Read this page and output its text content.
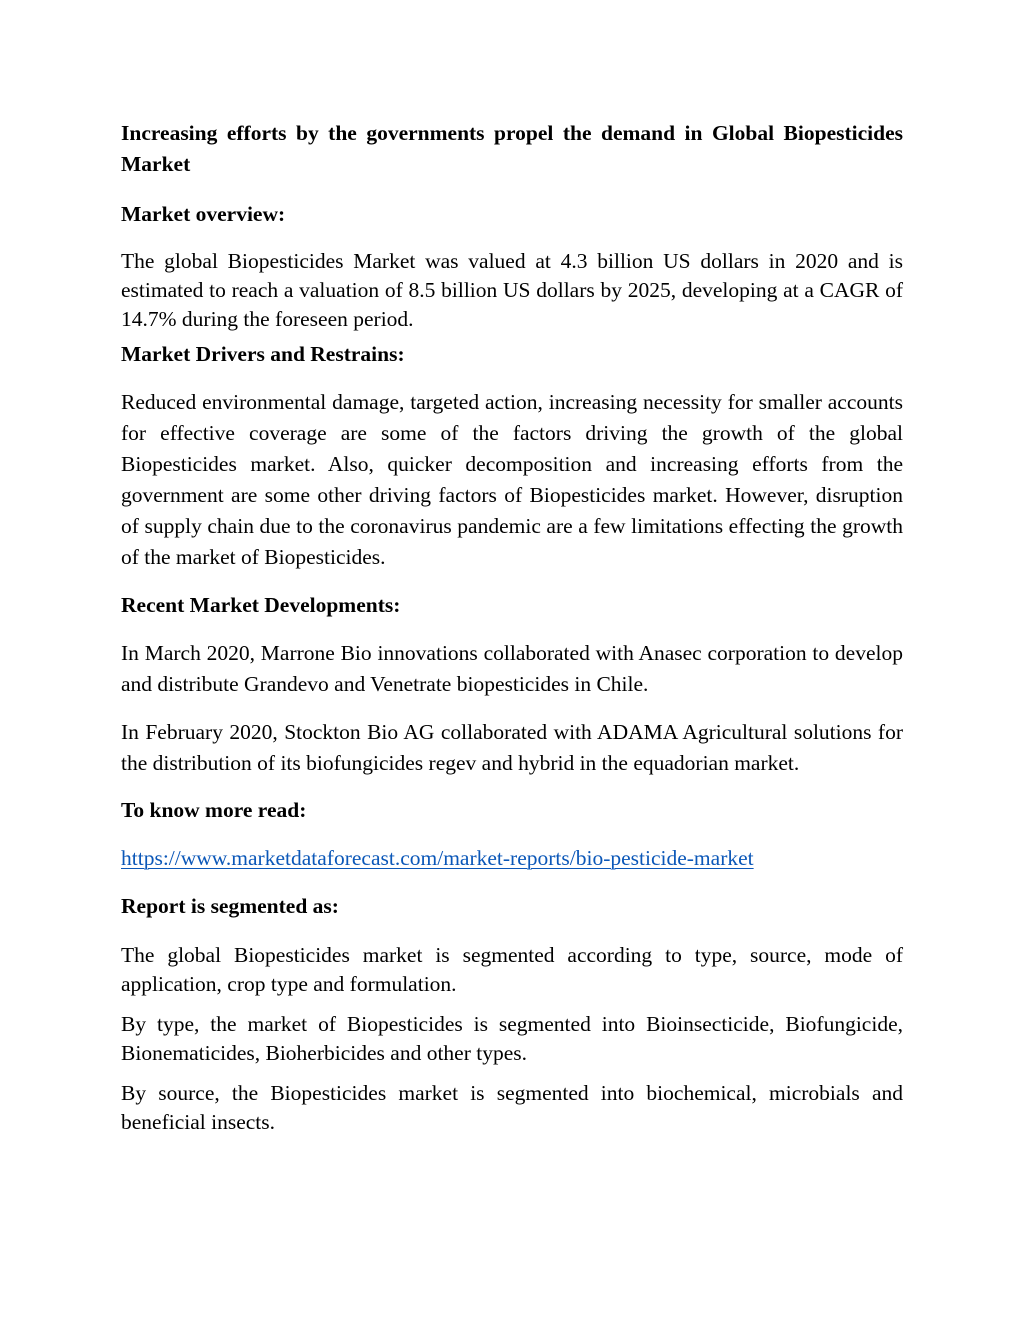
Increasing efforts by the governments propel the demand in Global Biopesticides Market

Market overview:

The global Biopesticides Market was valued at 4.3 billion US dollars in 2020 and is estimated to reach a valuation of 8.5 billion US dollars by 2025, developing at a CAGR of 14.7% during the foreseen period.

Market Drivers and Restrains:

Reduced environmental damage, targeted action, increasing necessity for smaller accounts for effective coverage are some of the factors driving the growth of the global Biopesticides market. Also, quicker decomposition and increasing efforts from the government are some other driving factors of Biopesticides market. However, disruption of supply chain due to the coronavirus pandemic are a few limitations effecting the growth of the market of Biopesticides.

Recent Market Developments:

In March 2020, Marrone Bio innovations collaborated with Anasec corporation to develop and distribute Grandevo and Venetrate biopesticides in Chile.

In February 2020, Stockton Bio AG collaborated with ADAMA Agricultural solutions for the distribution of its biofungicides regev and hybrid in the equadorian market.

To know more read:

https://www.marketdataforecast.com/market-reports/bio-pesticide-market

Report is segmented as:

The global Biopesticides market is segmented according to type, source, mode of application, crop type and formulation.

By type, the market of Biopesticides is segmented into Bioinsecticide, Biofungicide, Bionematicides, Bioherbicides and other types.

By source, the Biopesticides market is segmented into biochemical, microbials and beneficial insects.
